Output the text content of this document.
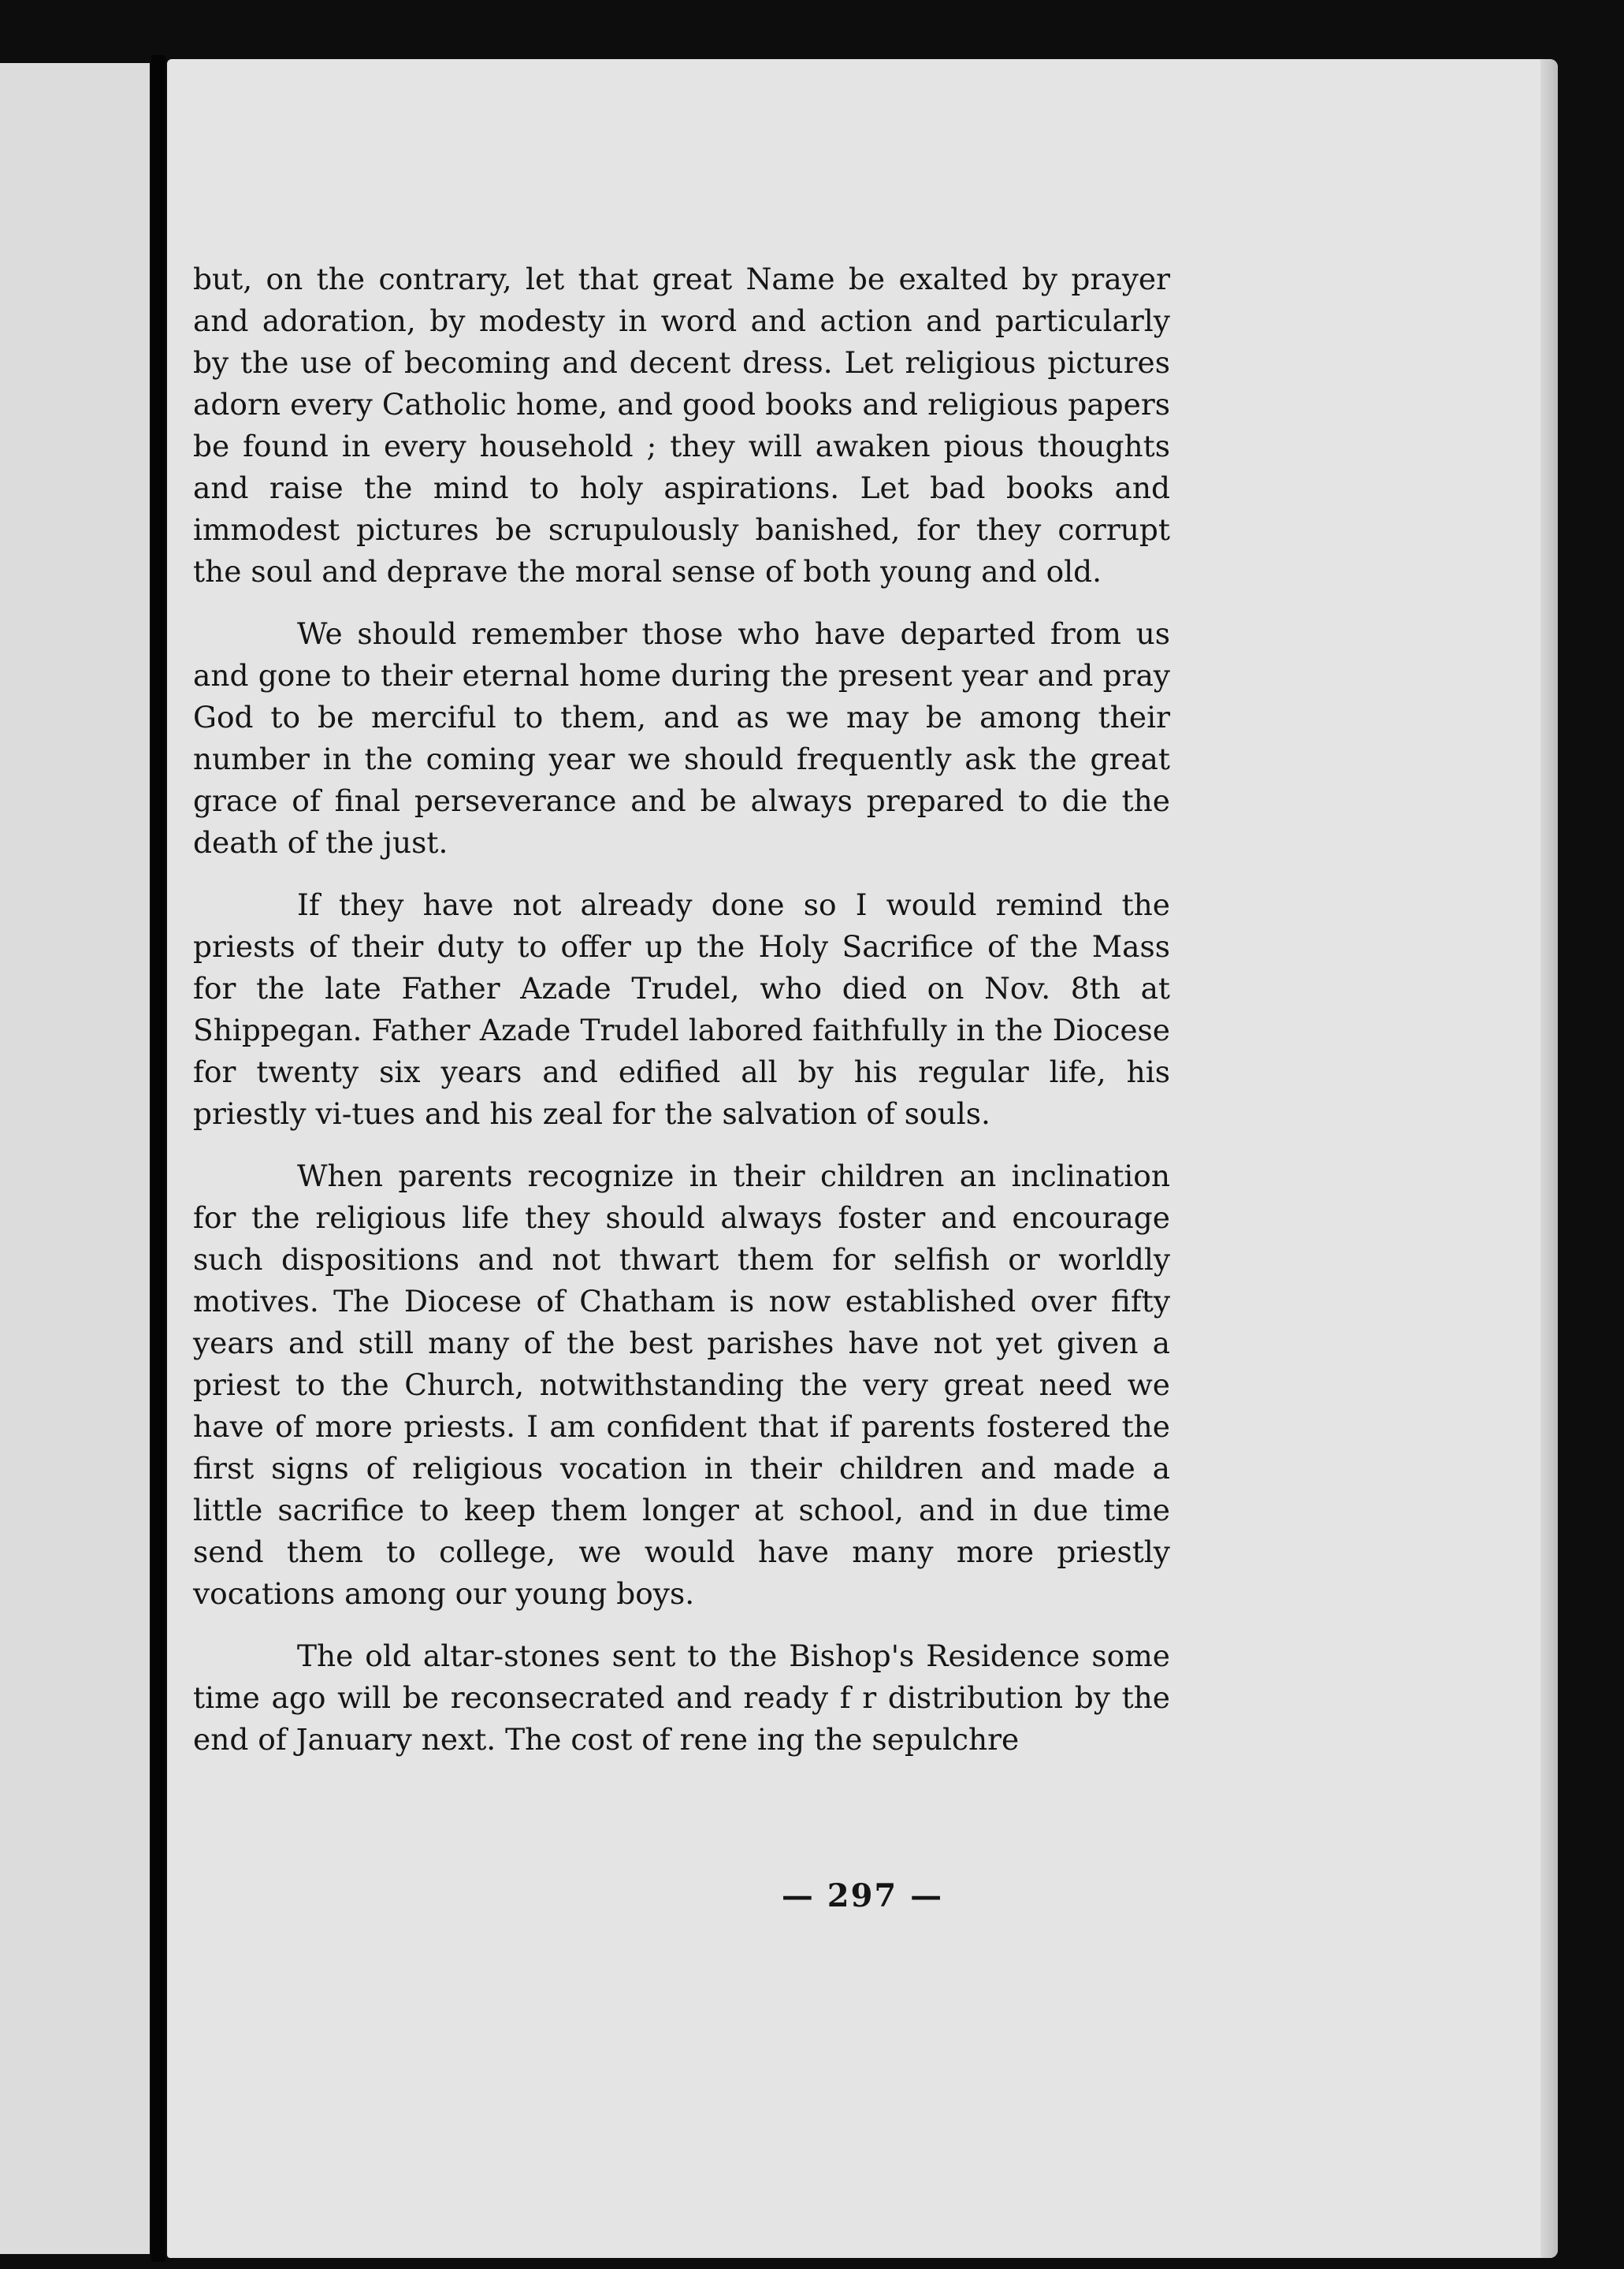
but, on the contrary, let that great Name be exalted by prayer and adoration, by modesty in word and action and particularly by the use of becoming and decent dress. Let religious pictures adorn every Catholic home, and good books and religious papers be found in every household ; they will awaken pious thoughts and raise the mind to holy aspirations. Let bad books and immodest pictures be scrupulously banished, for they corrupt the soul and deprave the moral sense of both young and old.

We should remember those who have departed from us and gone to their eternal home during the present year and pray God to be merciful to them, and as we may be among their number in the coming year we should frequently ask the great grace of final perseverance and be always prepared to die the death of the just.

If they have not already done so I would remind the priests of their duty to offer up the Holy Sacrifice of the Mass for the late Father Azade Trudel, who died on Nov. 8th at Shippegan. Father Azade Trudel labored faithfully in the Diocese for twenty six years and edified all by his regular life, his priestly vi-tues and his zeal for the salvation of souls.

When parents recognize in their children an inclination for the religious life they should always foster and encourage such dispositions and not thwart them for selfish or worldly motives. The Diocese of Chatham is now established over fifty years and still many of the best parishes have not yet given a priest to the Church, notwithstanding the very great need we have of more priests. I am confident that if parents fostered the first signs of religious vocation in their children and made a little sacrifice to keep them longer at school, and in due time send them to college, we would have many more priestly vocations among our young boys.

The old altar-stones sent to the Bishop's Residence some time ago will be reconsecrated and ready f r distribution by the end of January next. The cost of rene ing the sepulchre

— 297 —
